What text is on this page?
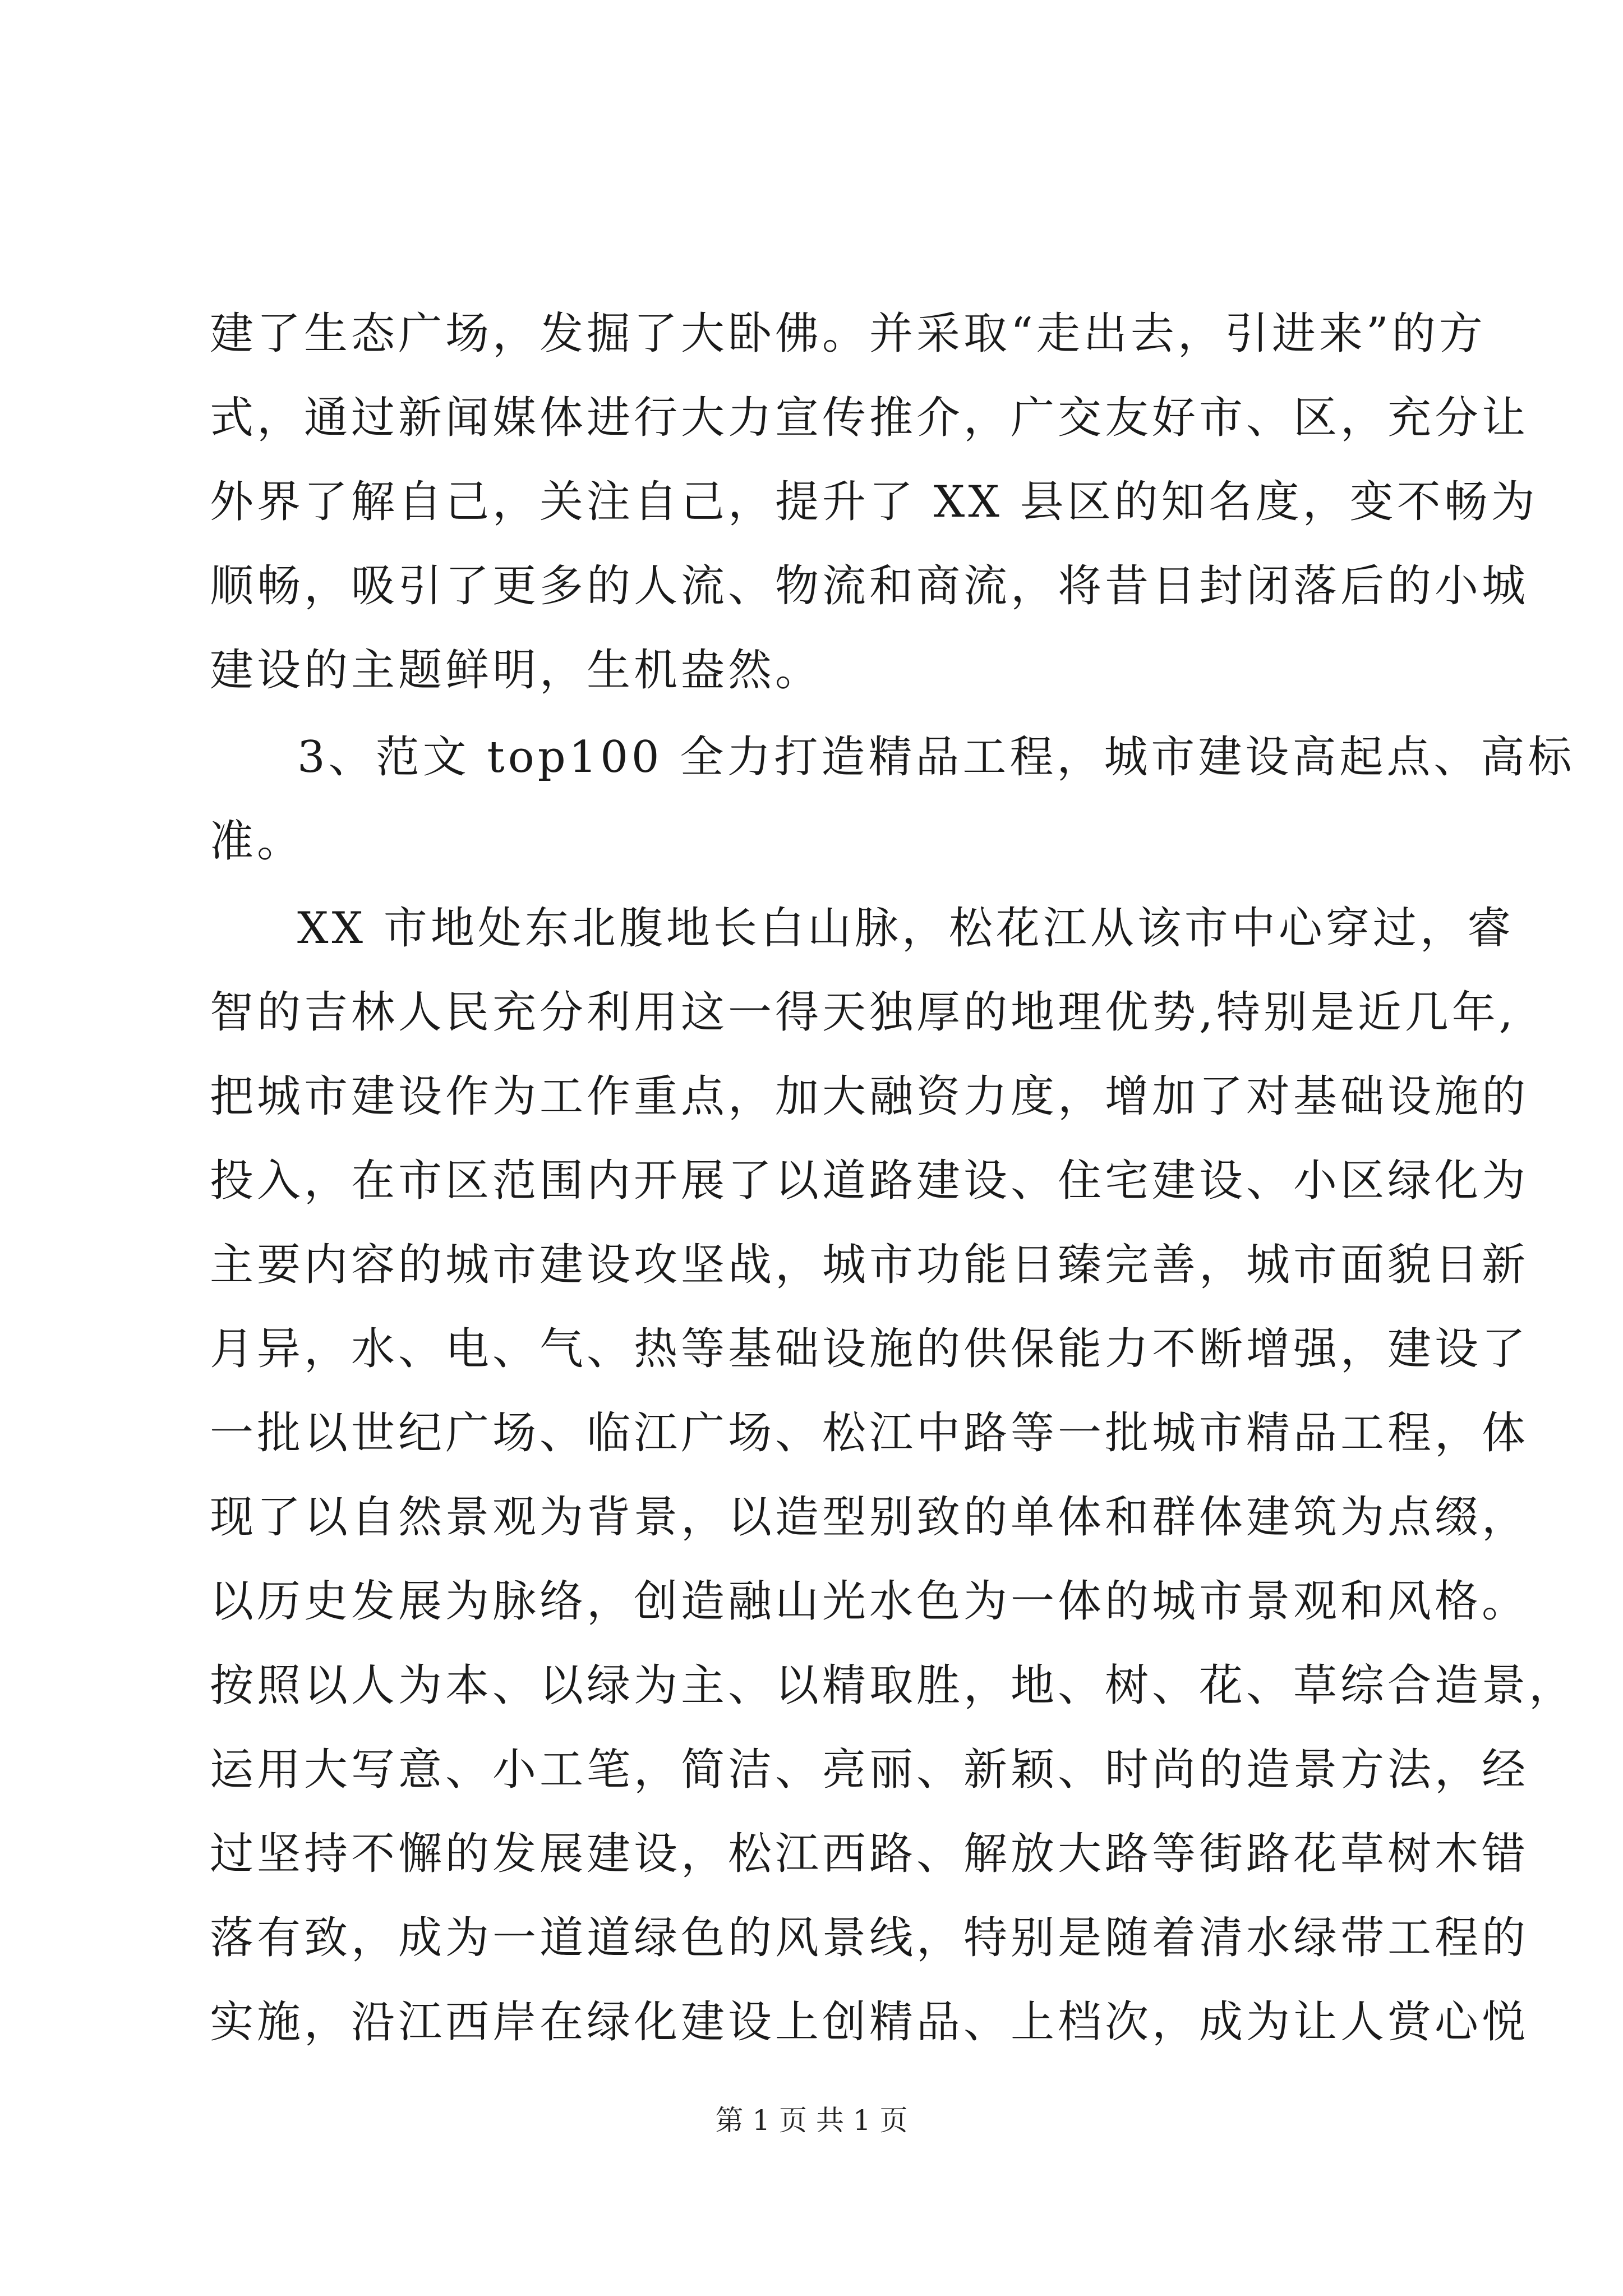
建了生态广场，发掘了大卧佛。并采取“走出去，引进来”的方
式，通过新闻媒体进行大力宣传推介，广交友好市、区，充分让
外界了解自己，关注自己，提升了 XX 县区的知名度，变不畅为
顺畅，吸引了更多的人流、物流和商流，将昔日封闭落后的小城
建设的主题鲜明，生机盎然。
3、范文 top100 全力打造精品工程，城市建设高起点、高标
准。
XX 市地处东北腹地长白山脉，松花江从该市中心穿过，睿
智的吉林人民充分利用这一得天独厚的地理优势,特别是近几年,
把城市建设作为工作重点，加大融资力度，增加了对基础设施的
投入，在市区范围内开展了以道路建设、住宅建设、小区绿化为
主要内容的城市建设攻坚战，城市功能日臻完善，城市面貌日新
月异，水、电、气、热等基础设施的供保能力不断增强，建设了
一批以世纪广场、临江广场、松江中路等一批城市精品工程，体
现了以自然景观为背景，以造型别致的单体和群体建筑为点缀，
以历史发展为脉络，创造融山光水色为一体的城市景观和风格。
按照以人为本、以绿为主、以精取胜，地、树、花、草综合造景，
运用大写意、小工笔，简洁、亮丽、新颖、时尚的造景方法，经
过坚持不懈的发展建设，松江西路、解放大路等街路花草树木错
落有致，成为一道道绿色的风景线，特别是随着清水绿带工程的
实施，沿江西岸在绿化建设上创精品、上档次，成为让人赏心悦
第 1 页 共 1 页
